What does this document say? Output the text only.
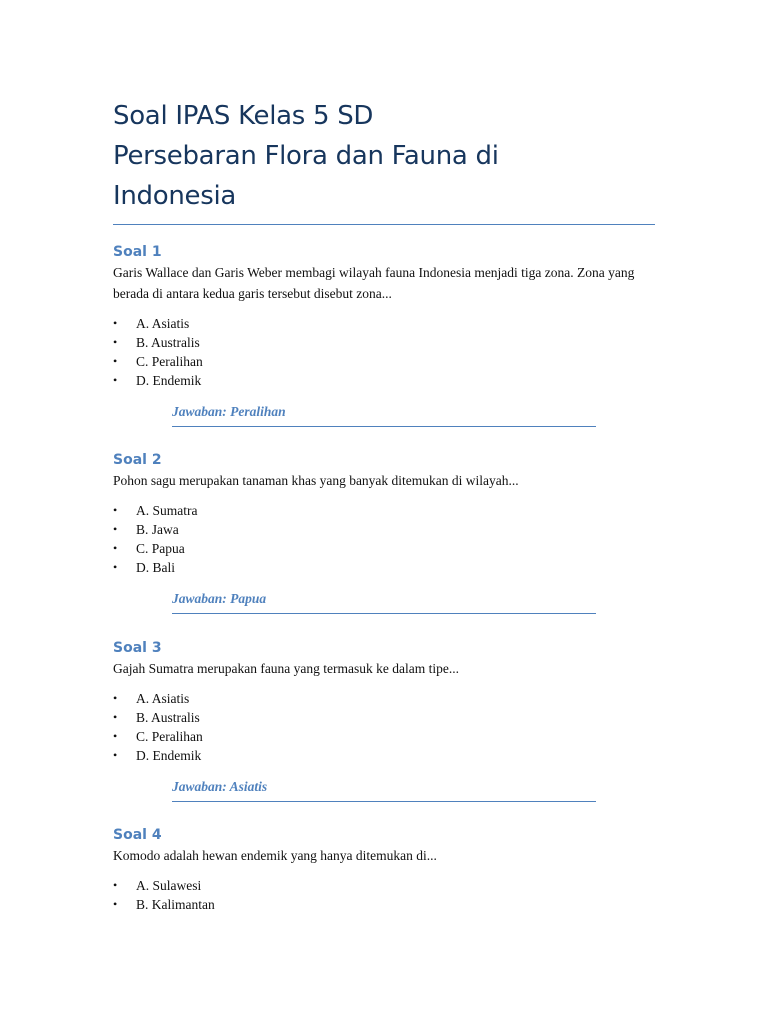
Soal IPAS Kelas 5 SD
Persebaran Flora dan Fauna di
Indonesia
Soal 1
Garis Wallace dan Garis Weber membagi wilayah fauna Indonesia menjadi tiga zona. Zona yang berada di antara kedua garis tersebut disebut zona...
• A. Asiatis
• B. Australis
• C. Peralihan
• D. Endemik
Jawaban: Peralihan
Soal 2
Pohon sagu merupakan tanaman khas yang banyak ditemukan di wilayah...
• A. Sumatra
• B. Jawa
• C. Papua
• D. Bali
Jawaban: Papua
Soal 3
Gajah Sumatra merupakan fauna yang termasuk ke dalam tipe...
• A. Asiatis
• B. Australis
• C. Peralihan
• D. Endemik
Jawaban: Asiatis
Soal 4
Komodo adalah hewan endemik yang hanya ditemukan di...
• A. Sulawesi
• B. Kalimantan
